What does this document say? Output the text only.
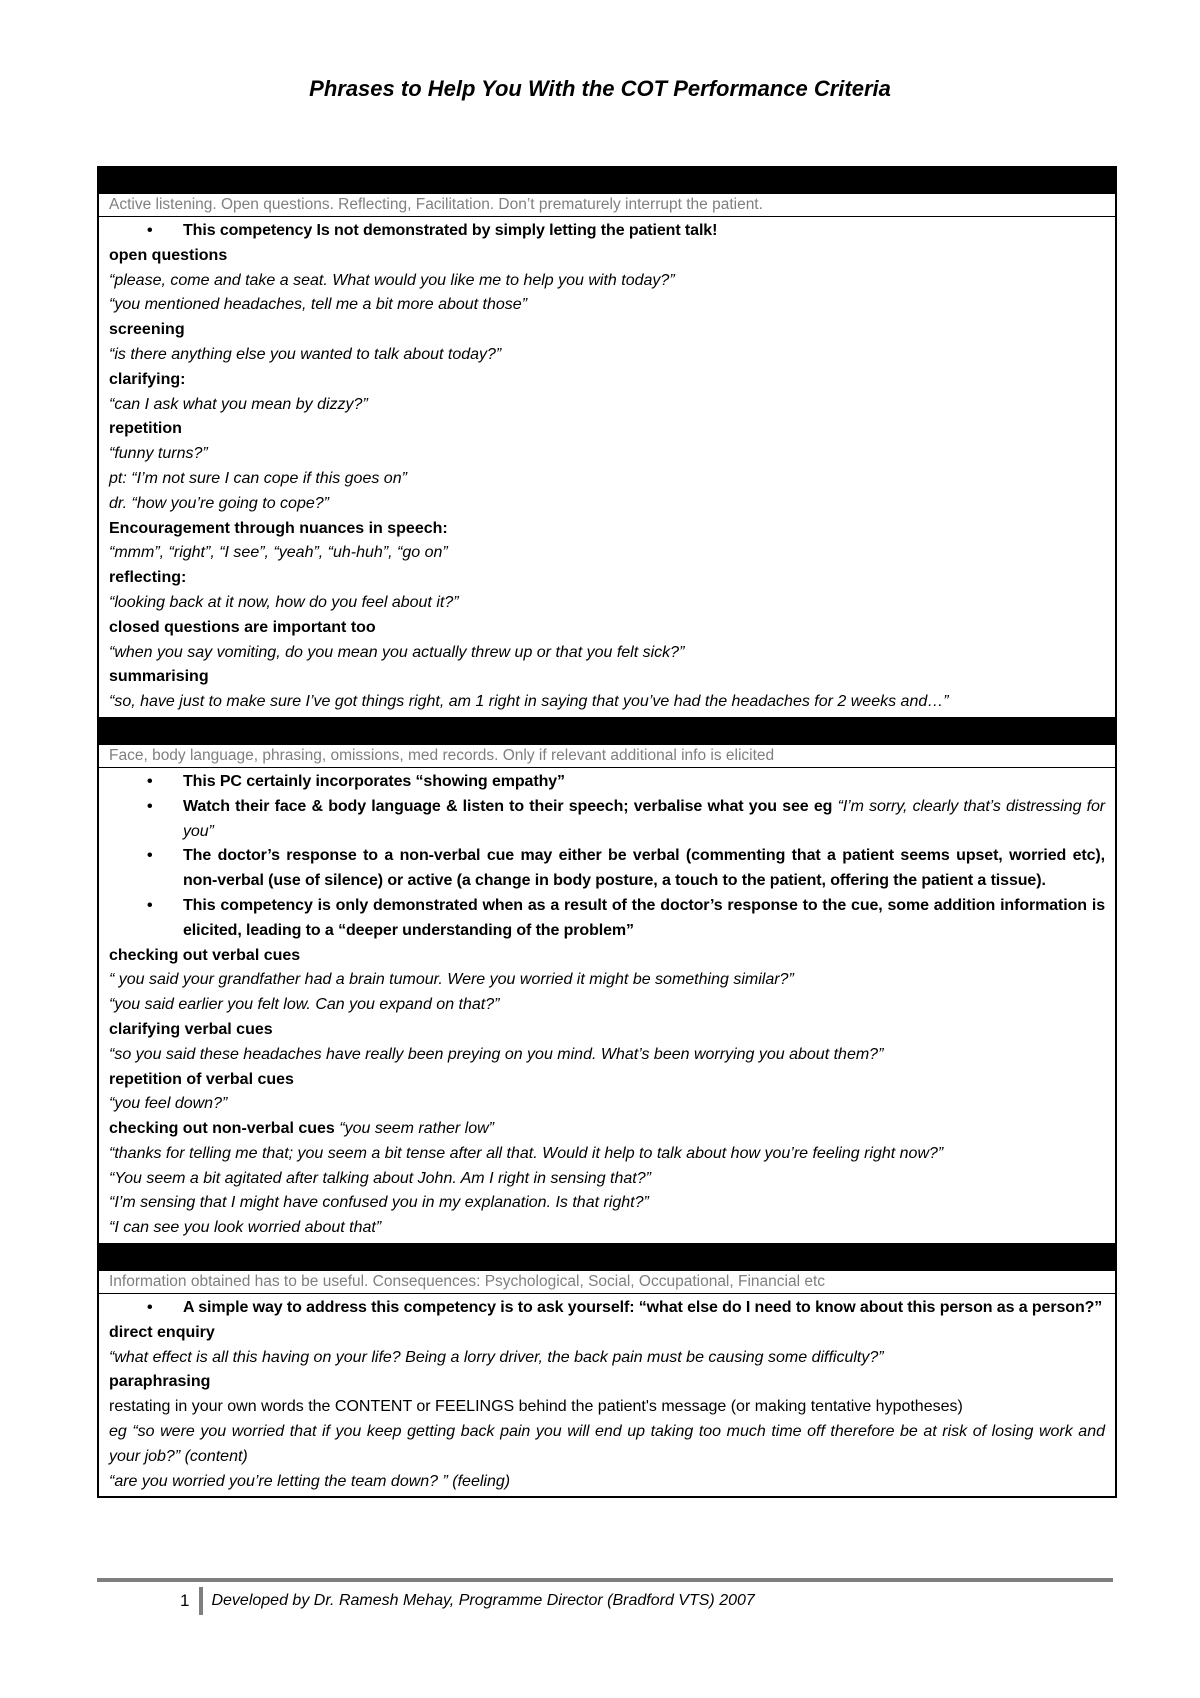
Phrases to Help You With the COT Performance Criteria
Active listening. Open questions. Reflecting, Facilitation. Don’t prematurely interrupt the patient.
• This competency Is not demonstrated by simply letting the patient talk!

open questions

“please, come and take a seat. What would you like me to help you with today?”

“you mentioned headaches, tell me a bit more about those”

screening

“is there anything else you wanted to talk about today?”

clarifying:

“can I ask what you mean by dizzy?”

repetition

“funny turns?”

pt: “I’m not sure I can cope if this goes on”

dr. “how you’re going to cope?”

Encouragement through nuances in speech:

“mmm”, “right”, “I see”, “yeah”, “uh-huh”, “go on”

reflecting:

“looking back at it now, how do you feel about it?”

closed questions are important too

“when you say vomiting, do you mean you actually threw up or that you felt sick?”

summarising

“so, have just to make sure I’ve got things right, am 1 right in saying that you’ve had the headaches for 2 weeks and…”

Face, body language, phrasing, omissions, med records. Only if relevant additional info is elicited
• This PC certainly incorporates “showing empathy”
• Watch their face & body language & listen to their speech; verbalise what you see eg “I’m sorry, clearly that’s distressing for you”
• The doctor’s response to a non-verbal cue may either be verbal (commenting that a patient seems upset, worried etc), non-verbal (use of silence) or active (a change in body posture, a touch to the patient, offering the patient a tissue).
• This competency is only demonstrated when as a result of the doctor’s response to the cue, some addition information is elicited, leading to a “deeper understanding of the problem”

checking out verbal cues

“ you said your grandfather had a brain tumour. Were you worried it might be something similar?”

“you said earlier you felt low. Can you expand on that?”

clarifying verbal cues

“so you said these headaches have really been preying on you mind. What’s been worrying you about them?”

repetition of verbal cues

“you feel down?”

checking out non-verbal cues “you seem rather low”

“thanks for telling me that; you seem a bit tense after all that. Would it help to talk about how you’re feeling right now?”

“You seem a bit agitated after talking about John. Am I right in sensing that?”

“I’m sensing that I might have confused you in my explanation. Is that right?”

“I can see you look worried about that”

Information obtained has to be useful. Consequences: Psychological, Social, Occupational, Financial etc
• A simple way to address this competency is to ask yourself: “what else do I need to know about this person as a person?”

direct enquiry

“what effect is all this having on your life? Being a lorry driver, the back pain must be causing some difficulty?”

paraphrasing

restating in your own words the CONTENT or FEELINGS behind the patient's message (or making tentative hypotheses)

eg “so were you worried that if you keep getting back pain you will end up taking too much time off therefore be at risk of losing work and your job?” (content)

“are you worried you’re letting the team down? ” (feeling)

1	Developed by Dr. Ramesh Mehay, Programme Director (Bradford VTS) 2007
